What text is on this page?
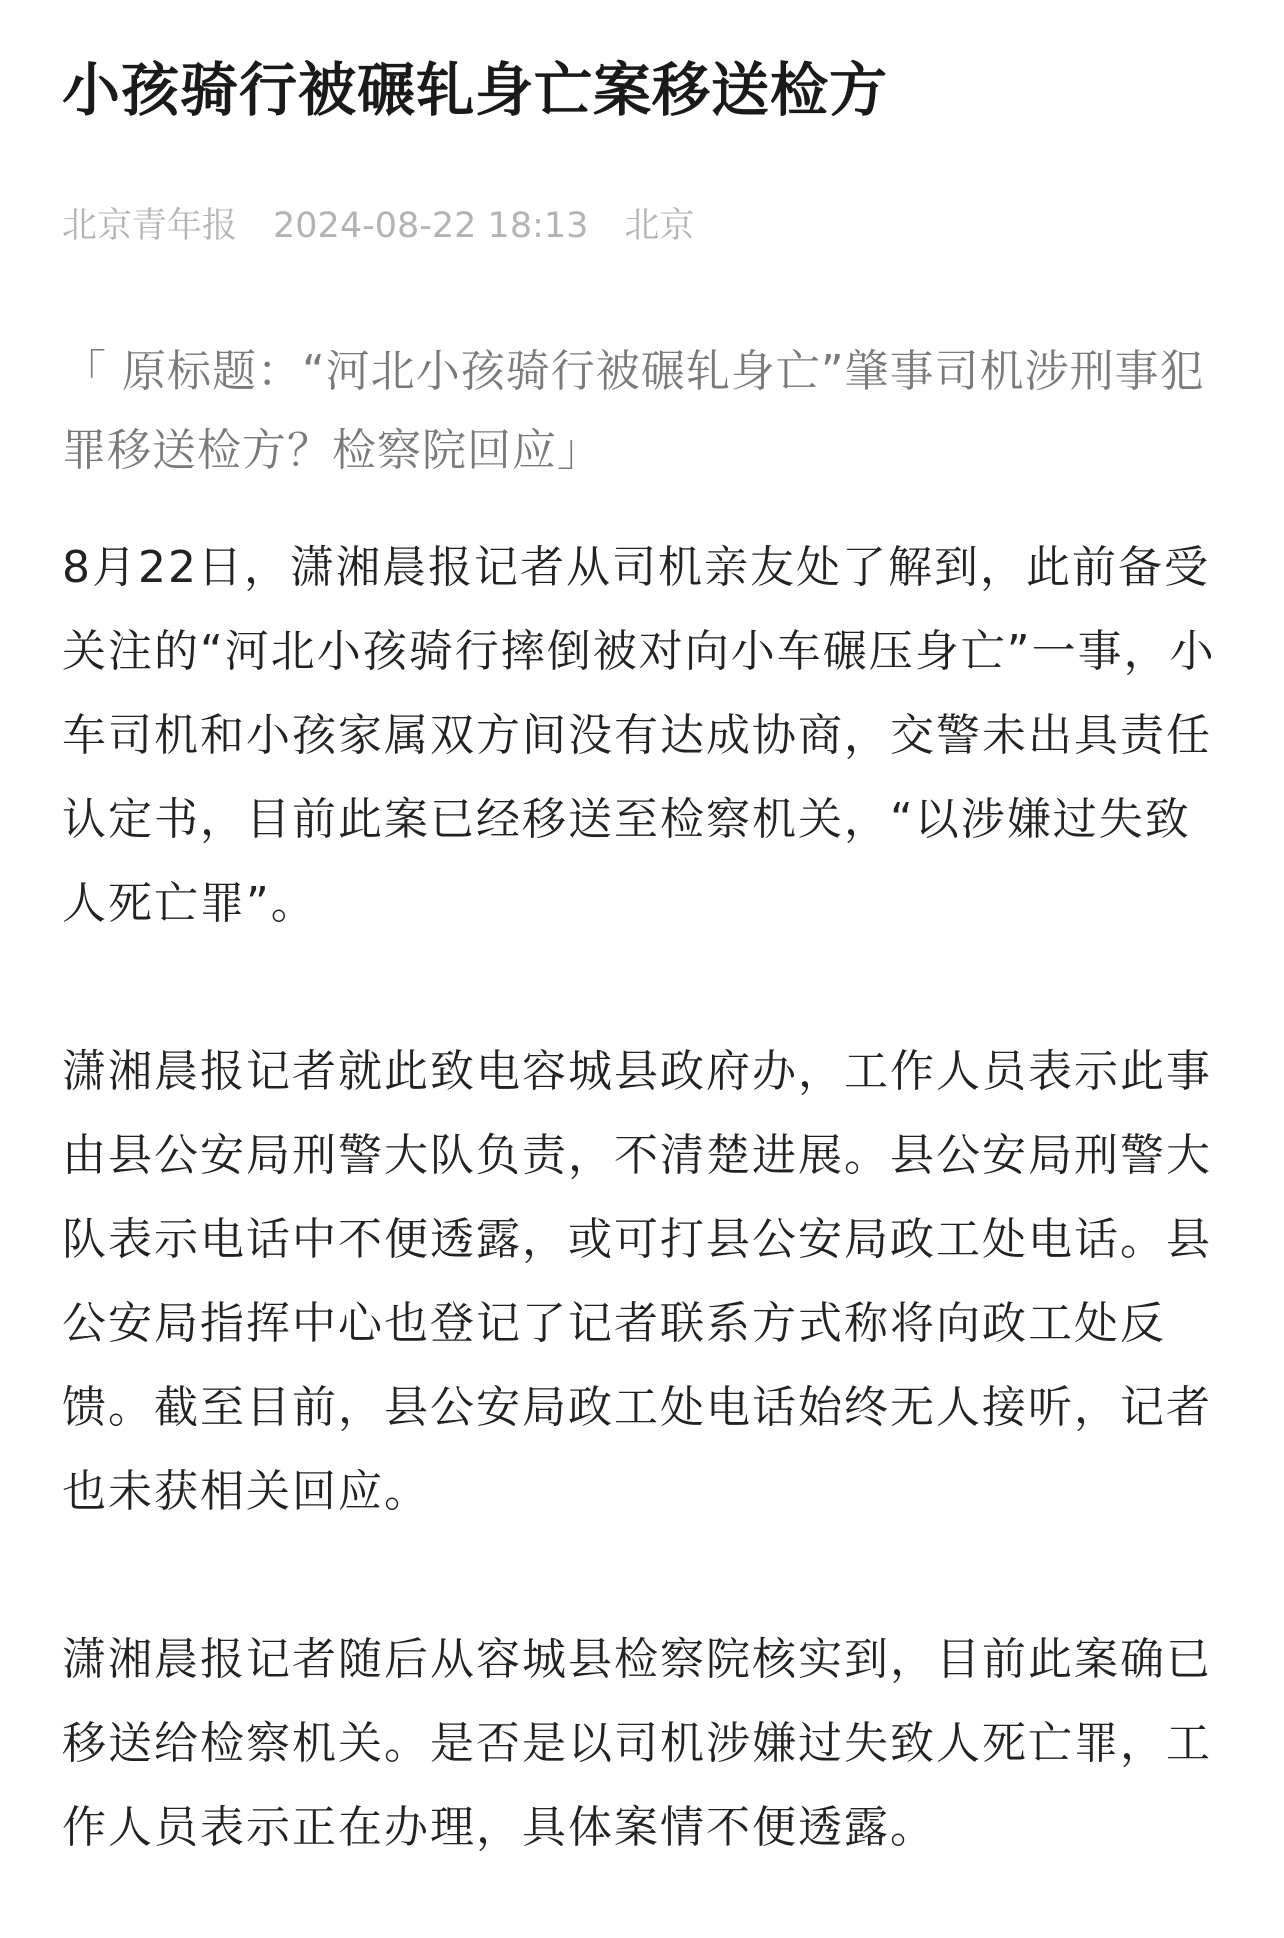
小孩骑行被碾轧身亡案移送检方
北京青年报 2024-08-22 18:13 北京
「 原标题：“河北小孩骑行被碾轧身亡”肇事司机涉刑事犯罪移送检方？检察院回应」

8月22日，潇湘晨报记者从司机亲友处了解到，此前备受关注的“河北小孩骑行摔倒被对向小车碾压身亡”一事，小车司机和小孩家属双方间没有达成协商，交警未出具责任认定书，目前此案已经移送至检察机关，“以涉嫌过失致人死亡罪”。

潇湘晨报记者就此致电容城县政府办，工作人员表示此事由县公安局刑警大队负责，不清楚进展。县公安局刑警大队表示电话中不便透露，或可打县公安局政工处电话。县公安局指挥中心也登记了记者联系方式称将向政工处反馈。截至目前，县公安局政工处电话始终无人接听，记者也未获相关回应。

潇湘晨报记者随后从容城县检察院核实到，目前此案确已移送给检察机关。是否是以司机涉嫌过失致人死亡罪，工作人员表示正在办理，具体案情不便透露。
